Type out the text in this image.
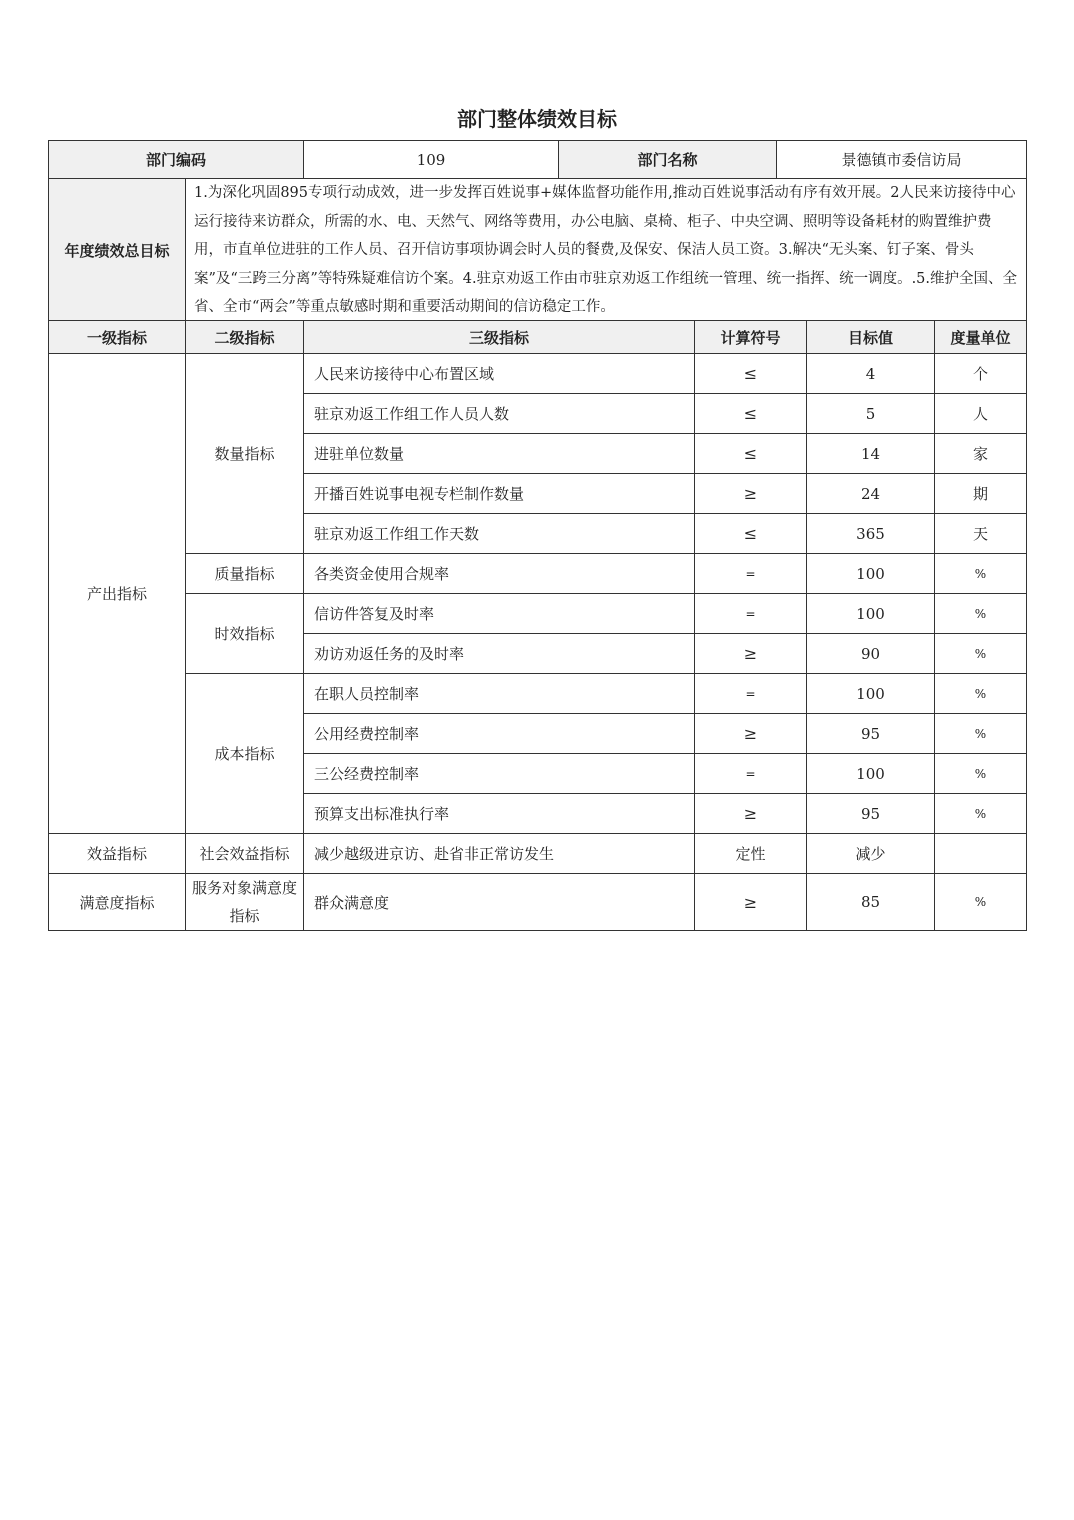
部门整体绩效目标
部门编码		109	部门名称	景德镇市委信访局
年度绩效总目标	1.为深化巩固895专项行动成效，进一步发挥百姓说事+媒体监督功能作用,推动百姓说事活动有序有效开展。2人民来访接待中心运行接待来访群众，所需的水、电、天然气、网络等费用，办公电脑、桌椅、柜子、中央空调、照明等设备耗材的购置维护费用，市直单位进驻的工作人员、召开信访事项协调会时人员的餐费,及保安、保洁人员工资。3.解决“无头案、钉子案、骨头案”及“三跨三分离”等特殊疑难信访个案。4.驻京劝返工作由市驻京劝返工作组统一管理、统一指挥、统一调度。.5.维护全国、全省、全市“两会”等重点敏感时期和重要活动期间的信访稳定工作。			
一级指标	二级指标	三级指标	计算符号	目标值	度量单位
产出指标	数量指标	人民来访接待中心布置区域	≤	4	个
		驻京劝返工作组工作人员人数	≤	5	人
		进驻单位数量	≤	14	家
		开播百姓说事电视专栏制作数量	≥	24	期
		驻京劝返工作组工作天数	≤	365	天
	质量指标	各类资金使用合规率	=	100	%
	时效指标	信访件答复及时率	=	100	%
		劝访劝返任务的及时率	≥	90	%
	成本指标	在职人员控制率	=	100	%
		公用经费控制率	≥	95	%
		三公经费控制率	=	100	%
		预算支出标准执行率	≥	95	%
效益指标	社会效益指标	减少越级进京访、赴省非正常访发生	定性	减少	
满意度指标	服务对象满意度指标	群众满意度	≥	85	%
